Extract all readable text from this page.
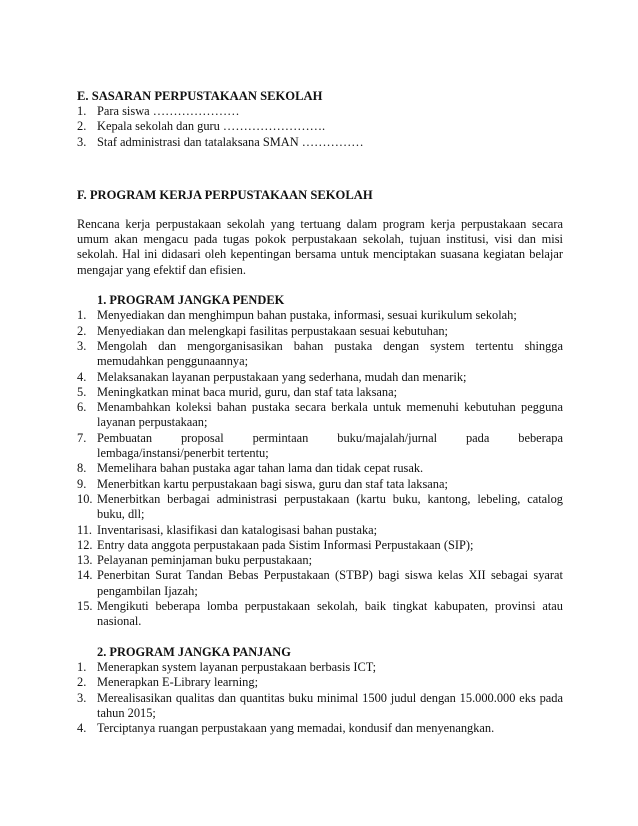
E. SASARAN PERPUSTAKAAN SEKOLAH
1. Para siswa …………………
2. Kepala sekolah dan guru …………………….
3. Staf administrasi dan tatalaksana SMAN ……………
F. PROGRAM KERJA PERPUSTAKAAN SEKOLAH

Rencana kerja perpustakaan sekolah yang tertuang dalam program kerja perpustakaan secara umum akan mengacu pada tugas pokok perpustakaan sekolah, tujuan institusi, visi dan misi sekolah. Hal ini didasari oleh kepentingan bersama untuk menciptakan suasana kegiatan belajar mengajar yang efektif dan efisien.

1. PROGRAM JANGKA PENDEK
1. Menyediakan dan menghimpun bahan pustaka, informasi, sesuai kurikulum sekolah;
2. Menyediakan dan melengkapi fasilitas perpustakaan sesuai kebutuhan;
3. Mengolah dan mengorganisasikan bahan pustaka dengan system tertentu shingga memudahkan penggunaannya;
4. Melaksanakan layanan perpustakaan yang sederhana, mudah dan menarik;
5. Meningkatkan minat baca murid, guru, dan staf tata laksana;
6. Menambahkan koleksi bahan pustaka secara berkala untuk memenuhi kebutuhan pegguna layanan perpustakaan;
7. Pembuatan proposal permintaan buku/majalah/jurnal pada beberapa lembaga/instansi/penerbit tertentu;
8. Memelihara bahan pustaka agar tahan lama dan tidak cepat rusak.
9. Menerbitkan kartu perpustakaan bagi siswa, guru dan staf tata laksana;
10. Menerbitkan berbagai administrasi perpustakaan (kartu buku, kantong, lebeling, catalog buku, dll;
11. Inventarisasi, klasifikasi dan katalogisasi bahan pustaka;
12. Entry data anggota perpustakaan pada Sistim Informasi Perpustakaan (SIP);
13. Pelayanan peminjaman buku perpustakaan;
14. Penerbitan Surat Tandan Bebas Perpustakaan (STBP) bagi siswa kelas XII sebagai syarat pengambilan Ijazah;
15. Mengikuti beberapa lomba perpustakaan sekolah, baik tingkat kabupaten, provinsi atau nasional.
2. PROGRAM JANGKA PANJANG
1. Menerapkan system layanan perpustakaan berbasis ICT;
2. Menerapkan E-Library learning;
3. Merealisasikan qualitas dan quantitas buku minimal 1500 judul dengan 15.000.000 eks pada tahun 2015;
4. Terciptanya ruangan perpustakaan yang memadai, kondusif dan menyenangkan.
